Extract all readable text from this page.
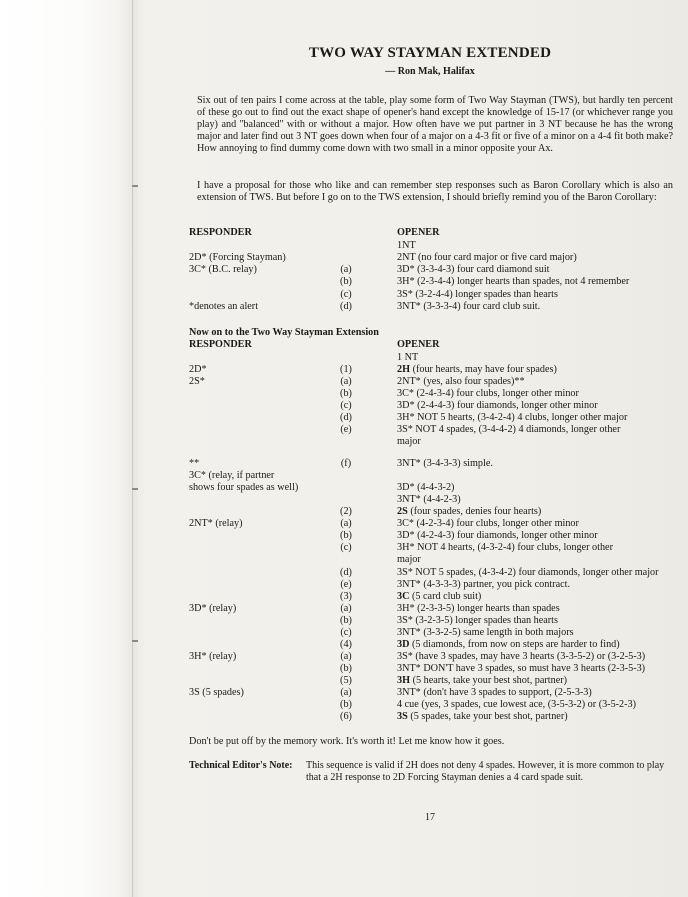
TWO WAY STAYMAN EXTENDED
— Ron Mak, Halifax
Six out of ten pairs I come across at the table, play some form of Two Way Stayman (TWS), but hardly ten percent of these go out to find out the exact shape of opener's hand except the knowledge of 15-17 (or whichever range you play) and ''balanced'' with or without a major. How often have we put partner in 3 NT because he has the wrong major and later find out 3 NT goes down when four of a major on a 4-3 fit or five of a minor on a 4-4 fit both make? How annoying to find dummy come down with two small in a minor opposite your Ax.
I have a proposal for those who like and can remember step responses such as Baron Corollary which is also an extension of TWS. But before I go on to the TWS extension, I should briefly remind you of the Baron Corollary:
RESPONDER	OPENER
1NT
2D* (Forcing Stayman)	2NT (no four card major or five card major)
3C* (B.C. relay)	(a)	3D* (3-3-4-3) four card diamond suit
(b)	3H* (2-3-4-4) longer hearts than spades, not 4 remember
(c)	3S* (3-2-4-4) longer spades than hearts
*denotes an alert	(d)	3NT* (3-3-3-4) four card club suit.
Now on to the Two Way Stayman Extension
RESPONDER	OPENER
1 NT
2D*	(1)	2H (four hearts, may have four spades)
2S*	(a)	2NT* (yes, also four spades)**
(b)	3C* (2-4-3-4) four clubs, longer other minor
(c)	3D* (2-4-4-3) four diamonds, longer other minor
(d)	3H* NOT 5 hearts, (3-4-2-4) 4 clubs, longer other major
(e)	3S* NOT 4 spades, (3-4-4-2) 4 diamonds, longer other
major
**	(f)	3NT* (3-4-3-3) simple.
3C* (relay, if partner
shows four spades as well)	3D* (4-4-3-2)
3NT* (4-4-2-3)
(2)	2S (four spades, denies four hearts)
2NT* (relay)	(a)	3C* (4-2-3-4) four clubs, longer other minor
(b)	3D* (4-2-4-3) four diamonds, longer other minor
(c)	3H* NOT 4 hearts, (4-3-2-4) four clubs, longer other
major
(d)	3S* NOT 5 spades, (4-3-4-2) four diamonds, longer other major
(e)	3NT* (4-3-3-3) partner, you pick contract.
(3)	3C (5 card club suit)
3D* (relay)	(a)	3H* (2-3-3-5) longer hearts than spades
(b)	3S* (3-2-3-5) longer spades than hearts
(c)	3NT* (3-3-2-5) same length in both majors
(4)	3D (5 diamonds, from now on steps are harder to find)
3H* (relay)	(a)	3S* (have 3 spades, may have 3 hearts (3-3-5-2) or (3-2-5-3)
(b)	3NT* DON'T have 3 spades, so must have 3 hearts (2-3-5-3)
(5)	3H (5 hearts, take your best shot, partner)
3S (5 spades)	(a)	3NT* (don't have 3 spades to support, (2-5-3-3)
(b)	4 cue (yes, 3 spades, cue lowest ace, (3-5-3-2) or (3-5-2-3)
(6)	3S (5 spades, take your best shot, partner)
Don't be put off by the memory work. It's worth it! Let me know how it goes.
Technical Editor's Note: This sequence is valid if 2H does not deny 4 spades. However, it is more common to play that a 2H response to 2D Forcing Stayman denies a 4 card spade suit.
17
